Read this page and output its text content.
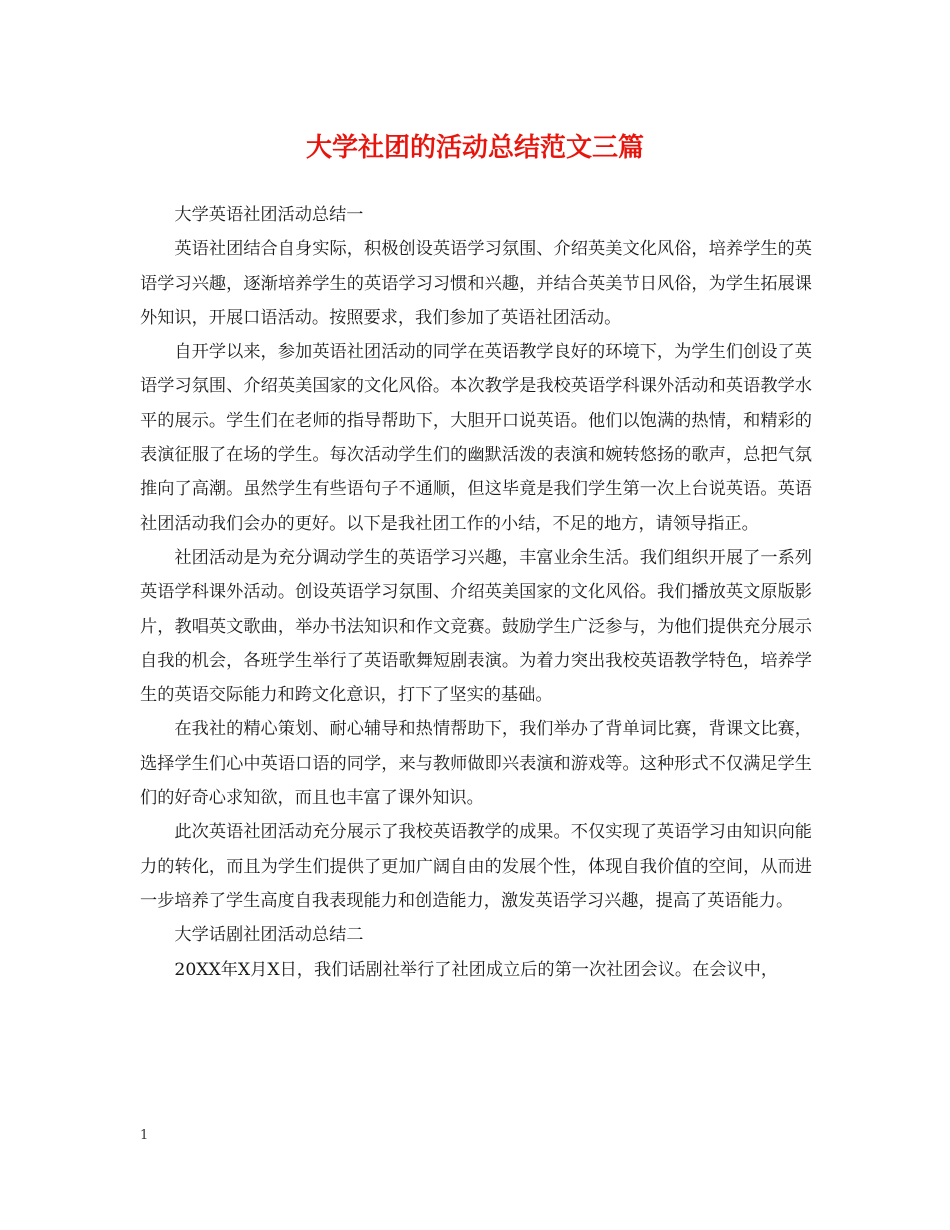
大学社团的活动总结范文三篇

大学英语社团活动总结一

英语社团结合自身实际，积极创设英语学习氛围、介绍英美文化风俗，培养学生的英语学习兴趣，逐渐培养学生的英语学习习惯和兴趣，并结合英美节日风俗，为学生拓展课外知识，开展口语活动。按照要求，我们参加了英语社团活动。

自开学以来，参加英语社团活动的同学在英语教学良好的环境下，为学生们创设了英语学习氛围、介绍英美国家的文化风俗。本次教学是我校英语学科课外活动和英语教学水平的展示。学生们在老师的指导帮助下，大胆开口说英语。他们以饱满的热情，和精彩的表演征服了在场的学生。每次活动学生们的幽默活泼的表演和婉转悠扬的歌声，总把气氛推向了高潮。虽然学生有些语句子不通顺，但这毕竟是我们学生第一次上台说英语。英语社团活动我们会办的更好。以下是我社团工作的小结，不足的地方，请领导指正。

社团活动是为充分调动学生的英语学习兴趣，丰富业余生活。我们组织开展了一系列英语学科课外活动。创设英语学习氛围、介绍英美国家的文化风俗。我们播放英文原版影片，教唱英文歌曲，举办书法知识和作文竞赛。鼓励学生广泛参与，为他们提供充分展示自我的机会，各班学生举行了英语歌舞短剧表演。为着力突出我校英语教学特色，培养学生的英语交际能力和跨文化意识，打下了坚实的基础。

在我社的精心策划、耐心辅导和热情帮助下，我们举办了背单词比赛，背课文比赛，选择学生们心中英语口语的同学，来与教师做即兴表演和游戏等。这种形式不仅满足学生们的好奇心求知欲，而且也丰富了课外知识。

此次英语社团活动充分展示了我校英语教学的成果。不仅实现了英语学习由知识向能力的转化，而且为学生们提供了更加广阔自由的发展个性，体现自我价值的空间，从而进一步培养了学生高度自我表现能力和创造能力，激发英语学习兴趣，提高了英语能力。

大学话剧社团活动总结二

20XX年X月X日，我们话剧社举行了社团成立后的第一次社团会议。在会议中，

1
